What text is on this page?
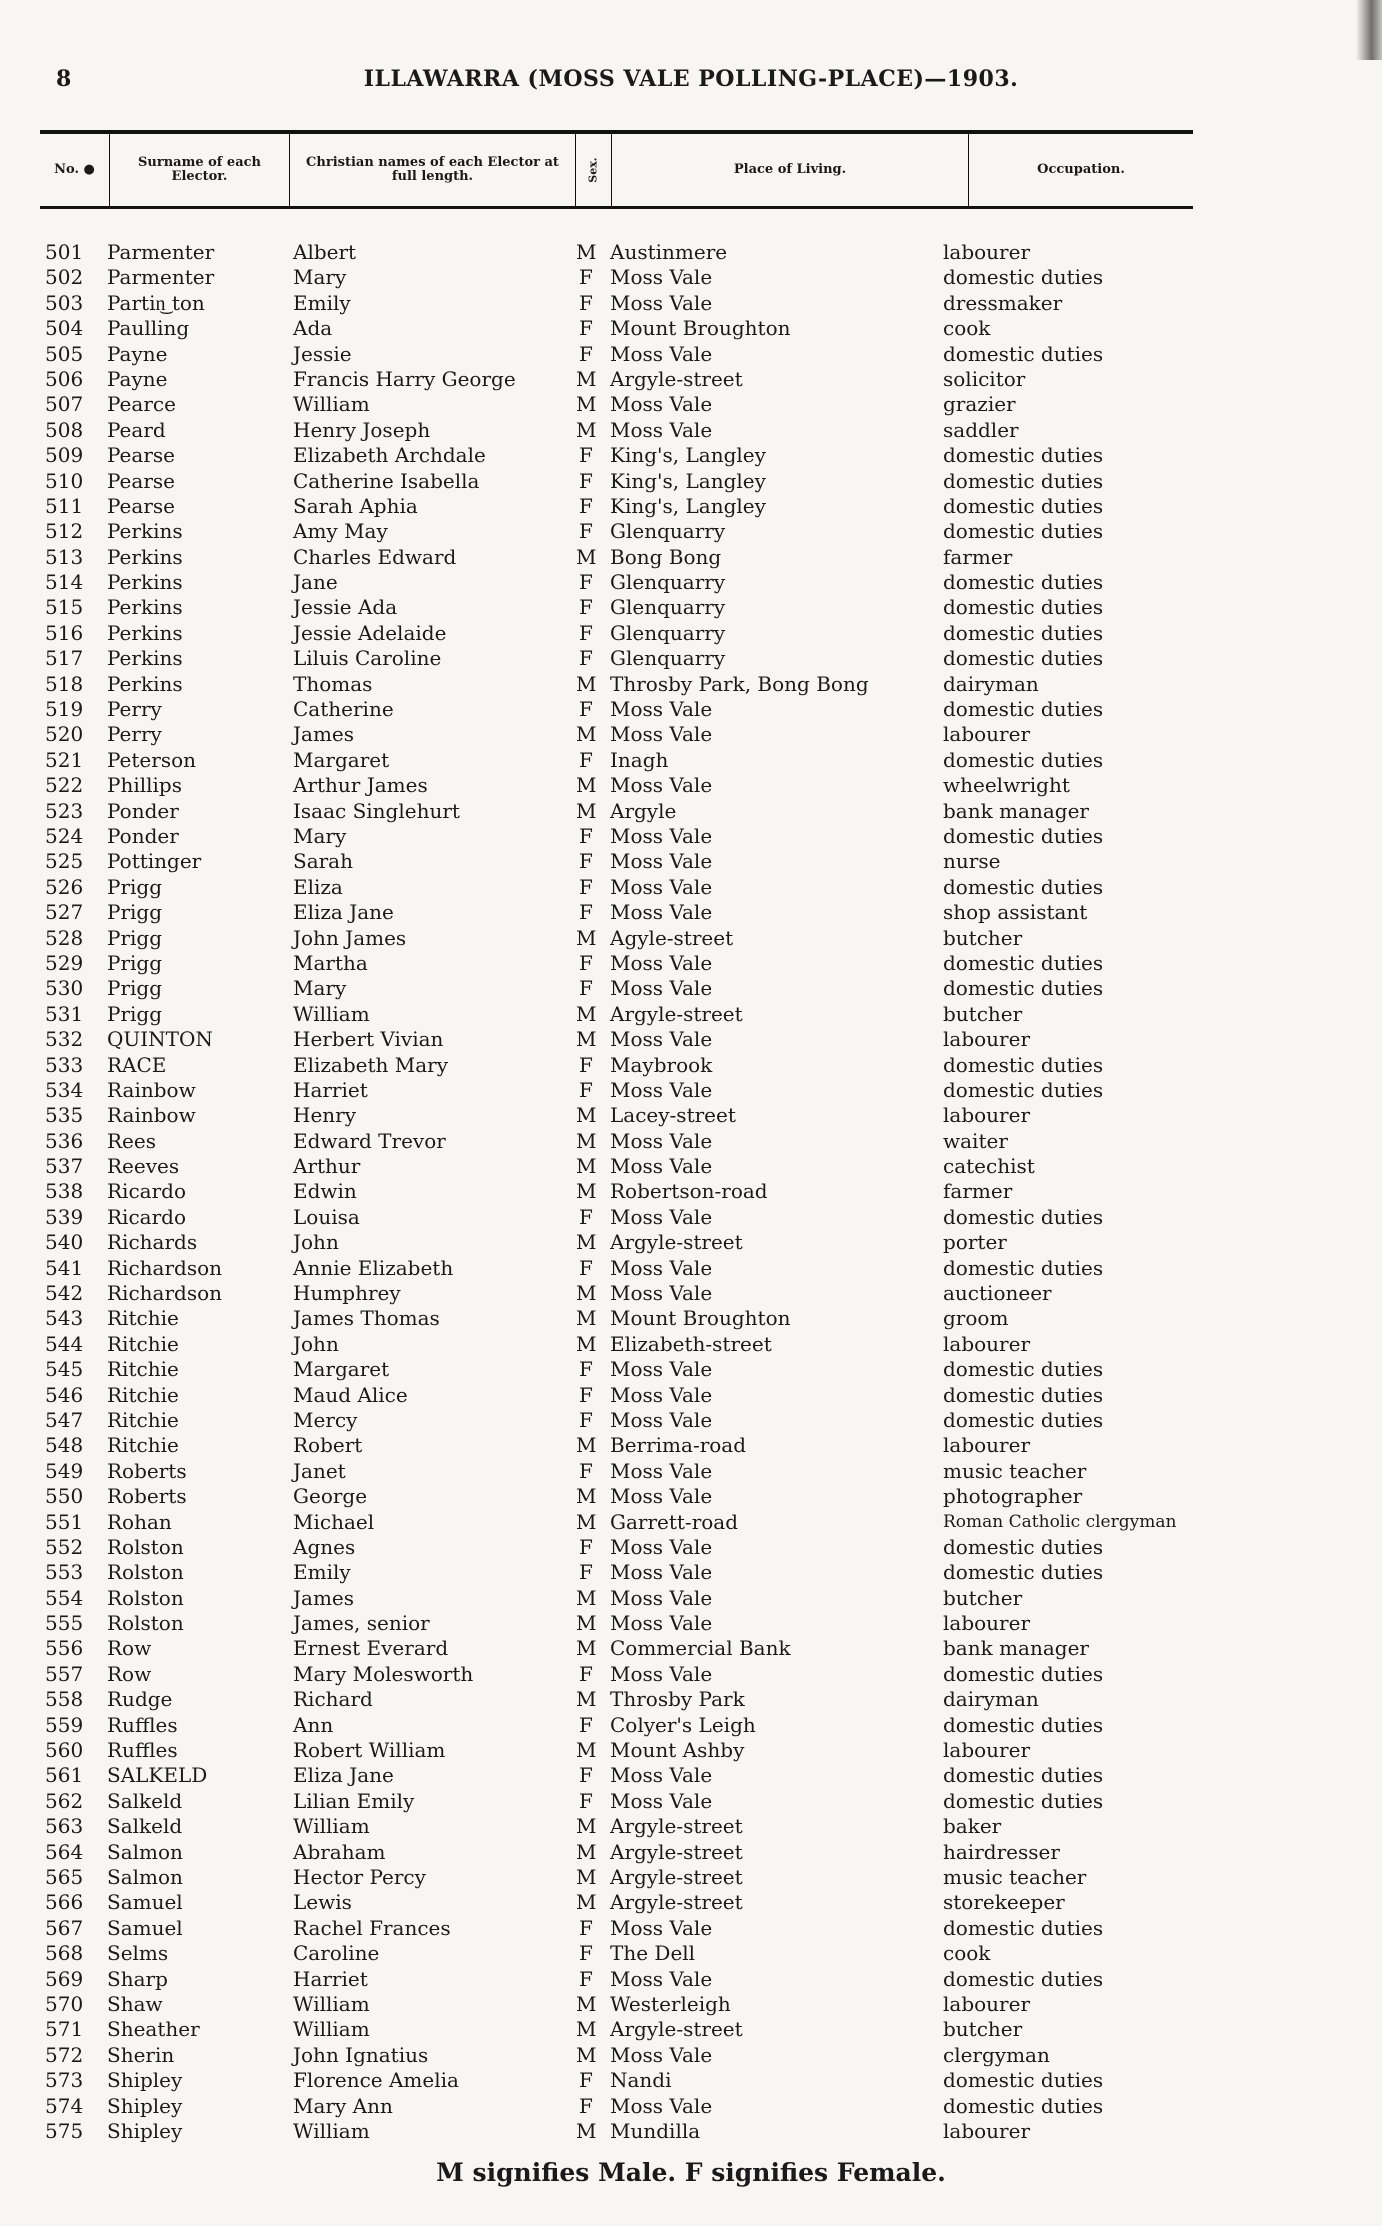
8	ILLAWARRA (MOSS VALE POLLING-PLACE)—1903.
No. ●	Surname of each Elector.
Christian names of each Elector at full length.	Sex.	Place of Living.	Occupation.
501 Parmenter	Albert	M Austinmere	labourer
502 Parmenter	Mary	F Moss Vale	domestic duties
503 Partin͜ ton	Emily	F Moss Vale	dressmaker
504 Paulling	Ada	F Mount Broughton	cook
505 Payne	Jessie	F Moss Vale	domestic duties
506 Payne	Francis Harry George	M Argyle-street	solicitor
507 Pearce	William	M Moss Vale	grazier
508 Peard	Henry Joseph	M Moss Vale	saddler
509 Pearse	Elizabeth Archdale	F King's, Langley	domestic duties
510 Pearse	Catherine Isabella	F King's, Langley	domestic duties
511 Pearse	Sarah Aphia	F King's, Langley	domestic duties
512 Perkins	Amy May	F Glenquarry	domestic duties
513 Perkins	Charles Edward	M Bong Bong	farmer
514 Perkins	Jane	F Glenquarry	domestic duties
515 Perkins	Jessie Ada	F Glenquarry	domestic duties
516 Perkins	Jessie Adelaide	F Glenquarry	domestic duties
517 Perkins	Liluis Caroline	F Glenquarry	domestic duties
518 Perkins	Thomas	M Throsby Park, Bong Bong	dairyman
519 Perry	Catherine	F Moss Vale	domestic duties
520 Perry	James	M Moss Vale	labourer
521 Peterson	Margaret	F Inagh	domestic duties
522 Phillips	Arthur James	M Moss Vale	wheelwright
523 Ponder	Isaac Singlehurt	M Argyle	bank manager
524 Ponder	Mary	F Moss Vale	domestic duties
525 Pottinger	Sarah	F Moss Vale	nurse
526 Prigg	Eliza	F Moss Vale	domestic duties
527 Prigg	Eliza Jane	F Moss Vale	shop assistant
528 Prigg	John James	M Agyle-street	butcher
529 Prigg	Martha	F Moss Vale	domestic duties
530 Prigg	Mary	F Moss Vale	domestic duties
531 Prigg	William	M Argyle-street	butcher
532 QUINTON	Herbert Vivian	M Moss Vale	labourer
533 RACE	Elizabeth Mary	F Maybrook	domestic duties
534 Rainbow	Harriet	F Moss Vale	domestic duties
535 Rainbow	Henry	M Lacey-street	labourer
536 Rees	Edward Trevor	M Moss Vale	waiter
537 Reeves	Arthur	M Moss Vale	catechist
538 Ricardo	Edwin	M Robertson-road	farmer
539 Ricardo	Louisa	F Moss Vale	domestic duties
540 Richards	John	M Argyle-street	porter
541 Richardson	Annie Elizabeth	F Moss Vale	domestic duties
542 Richardson	Humphrey	M Moss Vale	auctioneer
543 Ritchie	James Thomas	M Mount Broughton	groom
544 Ritchie	John	M Elizabeth-street	labourer
545 Ritchie	Margaret	F Moss Vale	domestic duties
546 Ritchie	Maud Alice	F Moss Vale	domestic duties
547 Ritchie	Mercy	F Moss Vale	domestic duties
548 Ritchie	Robert	M Berrima-road	labourer
549 Roberts	Janet	F Moss Vale	music teacher
550 Roberts	George	M Moss Vale	photographer
551 Rohan	Michael	M Garrett-road	Roman Catholic clergyman
552 Rolston	Agnes	F Moss Vale	domestic duties
553 Rolston	Emily	F Moss Vale	domestic duties
554 Rolston	James	M Moss Vale	butcher
555 Rolston	James, senior	M Moss Vale	labourer
556 Row	Ernest Everard	M Commercial Bank	bank manager
557 Row	Mary Molesworth	F Moss Vale	domestic duties
558 Rudge	Richard	M Throsby Park	dairyman
559 Ruffles	Ann	F Colyer's Leigh	domestic duties
560 Ruffles	Robert William	M Mount Ashby	labourer
561 SALKELD	Eliza Jane	F Moss Vale	domestic duties
562 Salkeld	Lilian Emily	F Moss Vale	domestic duties
563 Salkeld	William	M Argyle-street	baker
564 Salmon	Abraham	M Argyle-street	hairdresser
565 Salmon	Hector Percy	M Argyle-street	music teacher
566 Samuel	Lewis	M Argyle-street	storekeeper
567 Samuel	Rachel Frances	F Moss Vale	domestic duties
568 Selms	Caroline	F The Dell	cook
569 Sharp	Harriet	F Moss Vale	domestic duties
570 Shaw	William	M Westerleigh	labourer
571 Sheather	William	M Argyle-street	butcher
572 Sherin	John Ignatius	M Moss Vale	clergyman
573 Shipley	Florence Amelia	F Nandi	domestic duties
574 Shipley	Mary Ann	F Moss Vale	domestic duties
575 Shipley	William	M Mundilla	labourer
M signifies Male. F signifies Female.
